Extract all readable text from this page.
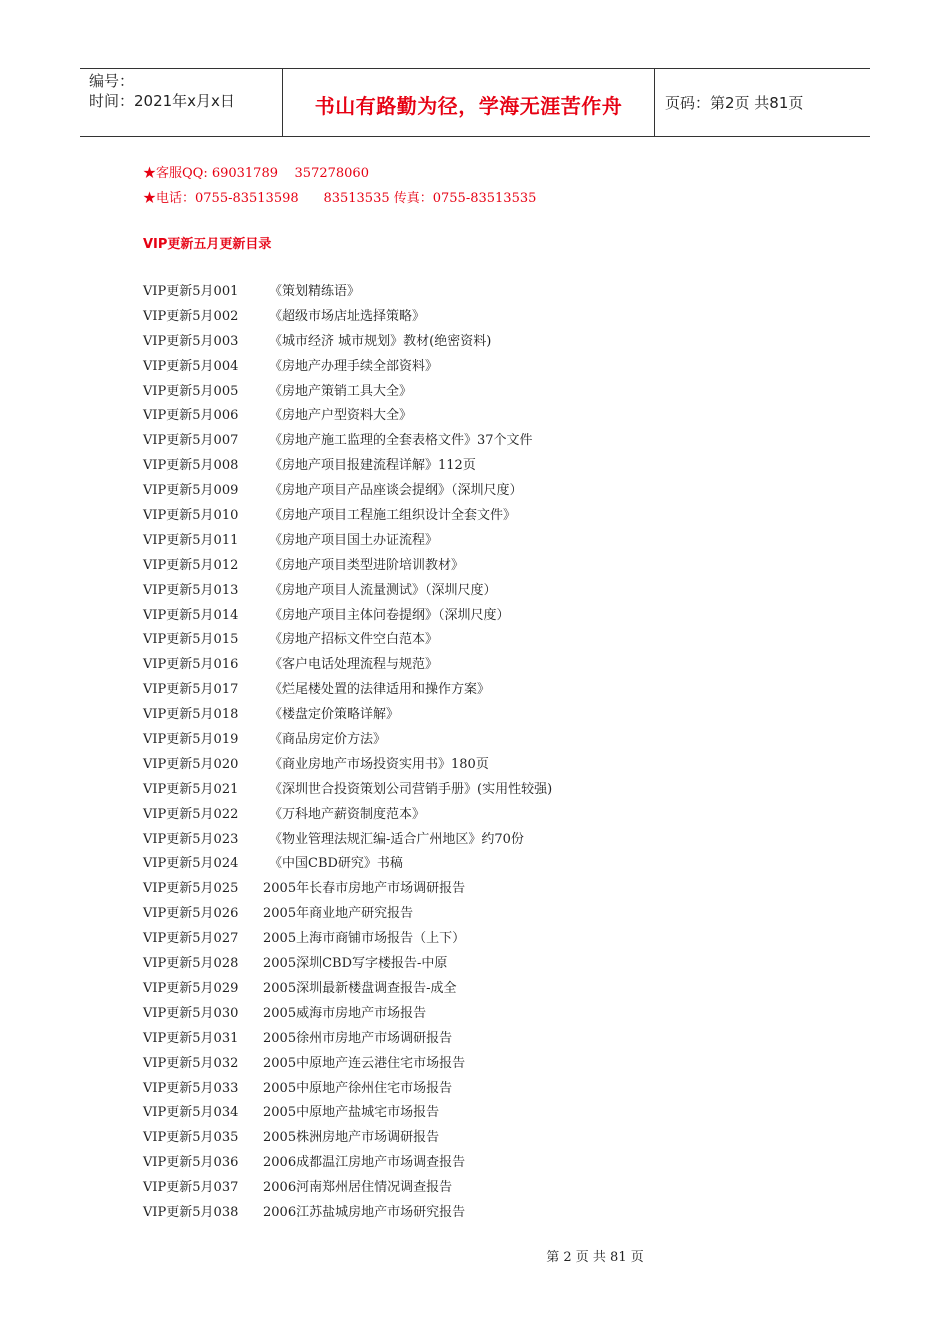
编号：
时间：2021年x月x日	书山有路勤为径，学海无涯苦作舟	页码：第2页 共81页
★客服QQ: 69031789    357278060
★电话：0755-83513598      83513535 传真：0755-83513535
VIP更新五月更新目录
VIP更新5月001 《策划精练语》
VIP更新5月002 《超级市场店址选择策略》
VIP更新5月003 《城市经济 城市规划》教材(绝密资料)
VIP更新5月004 《房地产办理手续全部资料》
VIP更新5月005 《房地产策销工具大全》
VIP更新5月006 《房地产户型资料大全》
VIP更新5月007 《房地产施工监理的全套表格文件》37个文件
VIP更新5月008 《房地产项目报建流程详解》112页
VIP更新5月009 《房地产项目产品座谈会提纲》（深圳尺度）
VIP更新5月010 《房地产项目工程施工组织设计全套文件》
VIP更新5月011 《房地产项目国土办证流程》
VIP更新5月012 《房地产项目类型进阶培训教材》
VIP更新5月013 《房地产项目人流量测试》（深圳尺度）
VIP更新5月014 《房地产项目主体问卷提纲》（深圳尺度）
VIP更新5月015 《房地产招标文件空白范本》
VIP更新5月016 《客户电话处理流程与规范》
VIP更新5月017 《烂尾楼处置的法律适用和操作方案》
VIP更新5月018 《楼盘定价策略详解》
VIP更新5月019 《商品房定价方法》
VIP更新5月020 《商业房地产市场投资实用书》180页
VIP更新5月021 《深圳世合投资策划公司营销手册》(实用性较强)
VIP更新5月022 《万科地产薪资制度范本》
VIP更新5月023 《物业管理法规汇编-适合广州地区》约70份
VIP更新5月024 《中国CBD研究》书稿
VIP更新5月025 2005年长春市房地产市场调研报告
VIP更新5月026 2005年商业地产研究报告
VIP更新5月027 2005上海市商铺市场报告（上下）
VIP更新5月028 2005深圳CBD写字楼报告-中原
VIP更新5月029 2005深圳最新楼盘调查报告-成全
VIP更新5月030 2005威海市房地产市场报告
VIP更新5月031 2005徐州市房地产市场调研报告
VIP更新5月032 2005中原地产连云港住宅市场报告
VIP更新5月033 2005中原地产徐州住宅市场报告
VIP更新5月034 2005中原地产盐城宅市场报告
VIP更新5月035 2005株洲房地产市场调研报告
VIP更新5月036 2006成都温江房地产市场调查报告
VIP更新5月037 2006河南郑州居住情况调查报告
VIP更新5月038 2006江苏盐城房地产市场研究报告
第 2 页 共 81 页
